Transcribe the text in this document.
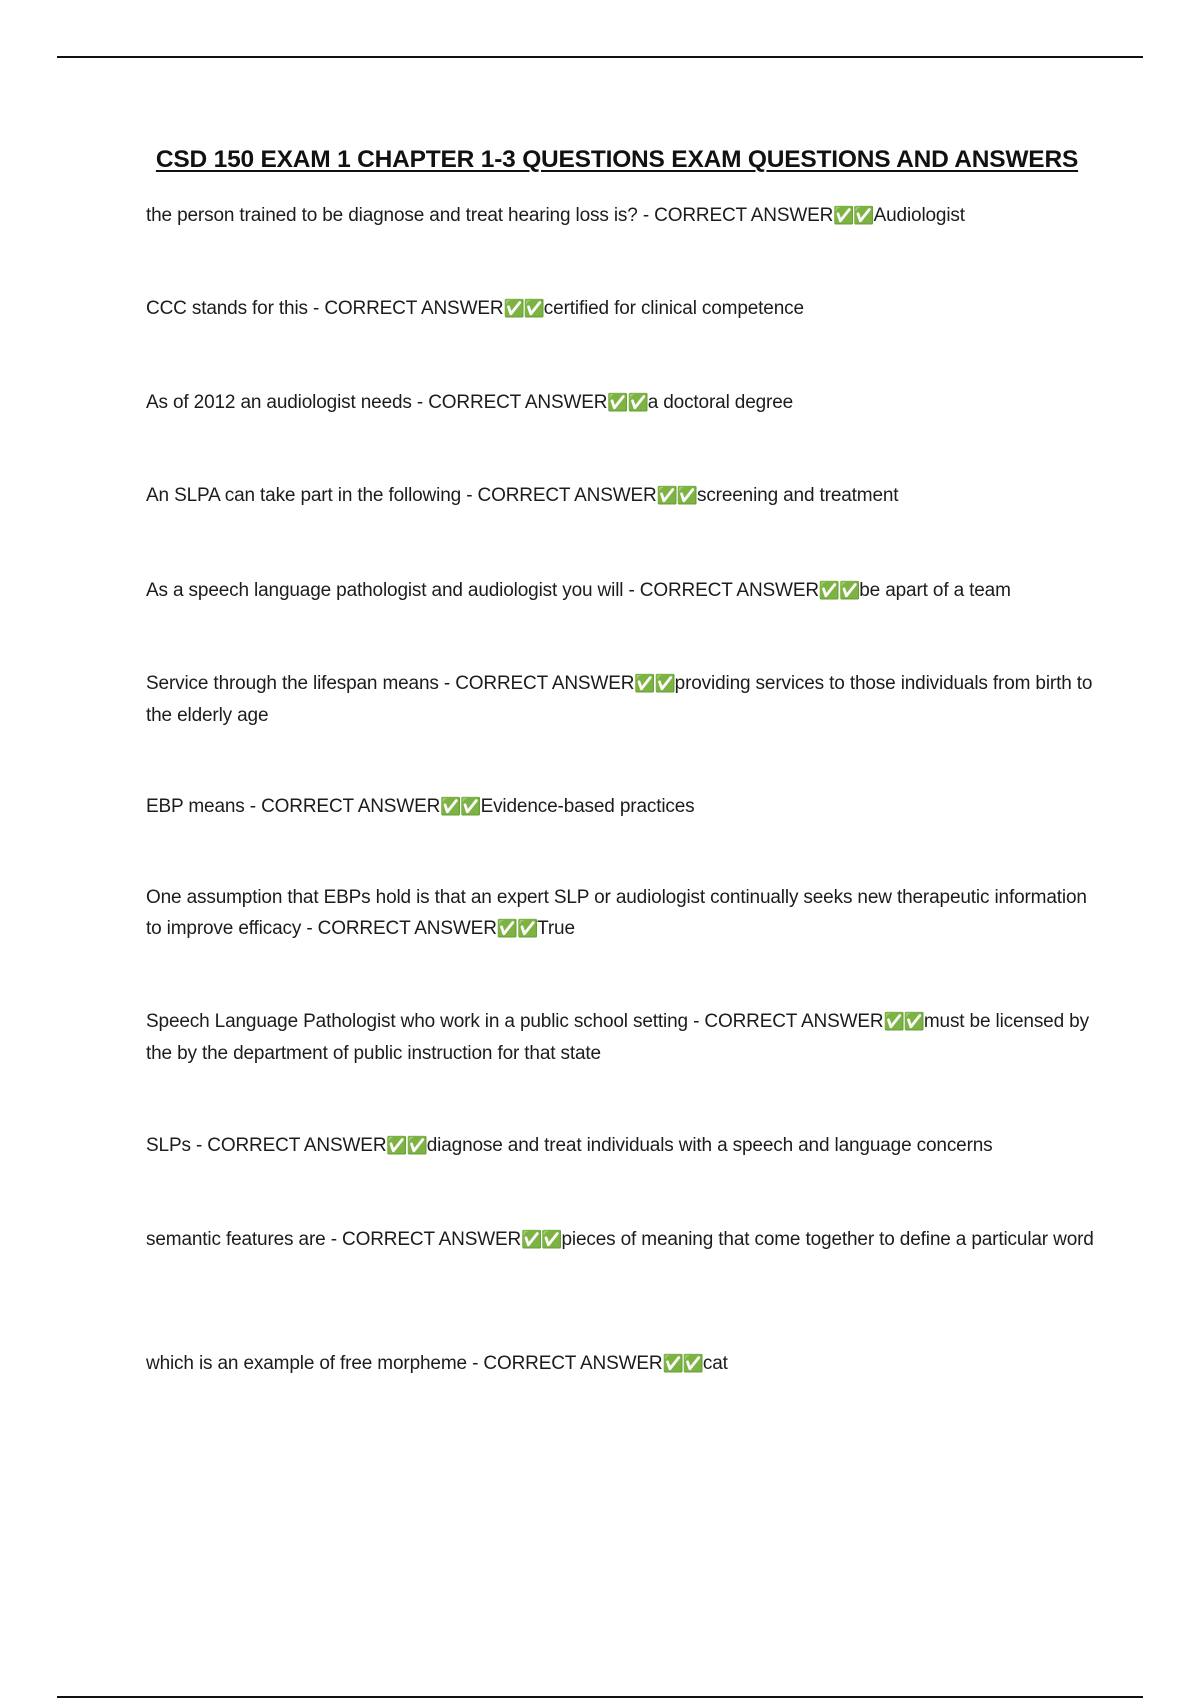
CSD 150 EXAM 1 CHAPTER 1-3 QUESTIONS EXAM QUESTIONS AND ANSWERS

the person trained to be diagnose and treat hearing loss is? - CORRECT ANSWER✅✅Audiologist

CCC stands for this - CORRECT ANSWER✅✅certified for clinical competence

As of 2012 an audiologist needs - CORRECT ANSWER✅✅a doctoral degree

An SLPA can take part in the following - CORRECT ANSWER✅✅screening and treatment

As a speech language pathologist and audiologist you will - CORRECT ANSWER✅✅be apart of a team

Service through the lifespan means - CORRECT ANSWER✅✅providing services to those individuals from birth to the elderly age

EBP means - CORRECT ANSWER✅✅Evidence-based practices

One assumption that EBPs hold is that an expert SLP or audiologist continually seeks new therapeutic information to improve efficacy - CORRECT ANSWER✅✅True

Speech Language Pathologist who work in a public school setting - CORRECT ANSWER✅✅must be licensed by the by the department of public instruction for that state

SLPs - CORRECT ANSWER✅✅diagnose and treat individuals with a speech and language concerns

semantic features are - CORRECT ANSWER✅✅pieces of meaning that come together to define a particular word

which is an example of free morpheme - CORRECT ANSWER✅✅cat
